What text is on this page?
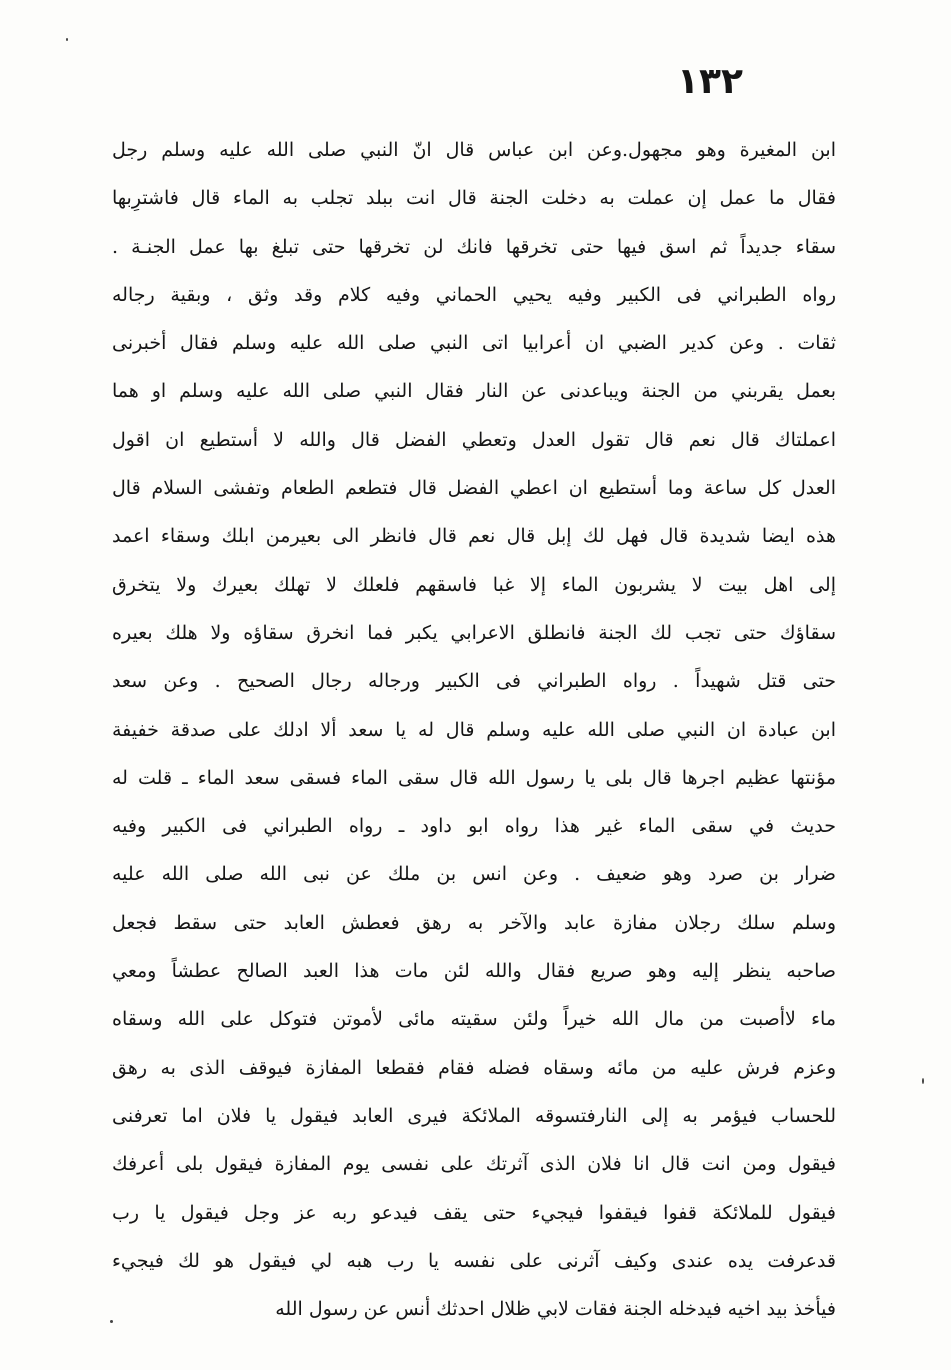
١٣٢
ابن المغيرة وهو مجهول.وعن ابن عباس قال انّ النبي صلى الله عليه وسلم رجل
فقال ما عمل إن عملت به دخلت الجنة قال انت ببلد تجلب به الماء قال فاشترِبها
سقاء جديداً ثم اسق فيها حتى تخرقها فانك لن تخرقها حتى تبلغ بها عمل الجنـة .
رواه الطبراني فى الكبير وفيه يحيي الحماني وفيه كلام وقد وثق ، وبقية رجاله
ثقات . وعن كدير الضبي ان أعرابيا اتى النبي صلى الله عليه وسلم فقال أخبرنى
بعمل يقربني من الجنة ويباعدنى عن النار فقال النبي صلى الله عليه وسلم او هما
اعملتاك قال نعم قال تقول العدل وتعطي الفضل قال والله لا أستطيع ان اقول
العدل كل ساعة وما أستطيع ان اعطي الفضل قال فتطعم الطعام وتفشى السلام قال
هذه ايضا شديدة قال فهل لك إبل قال نعم قال فانظر الى بعيرمن ابلك وسقاء اعمد
إلى اهل بيت لا يشربون الماء إلا غبا فاسقهم فلعلك لا تهلك بعيرك ولا يتخرق
سقاؤك حتى تجب لك الجنة فانطلق الاعرابي يكبر فما انخرق سقاؤه ولا هلك بعيره
حتى قتل شهيداً . رواه الطبراني فى الكبير ورجاله رجال الصحيح . وعن سعد
ابن عبادة ان النبي صلى الله عليه وسلم قال له يا سعد ألا ادلك على صدقة خفيفة
مؤنتها عظيم اجرها قال بلى يا رسول الله قال سقى الماء فسقى سعد الماء ـ قلت له
حديث في سقى الماء غير هذا رواه ابو داود ـ رواه الطبراني فى الكبير وفيه
ضرار بن صرد وهو ضعيف . وعن انس بن ملك عن نبى الله صلى الله عليه
وسلم سلك رجلان مفازة عابد والآخر به رهق فعطش العابد حتى سقط فجعل
صاحبه ينظر إليه وهو صريع فقال والله لئن مات هذا العبد الصالح عطشاً ومعي
ماء لاأصبت من مال الله خيراً ولئن سقيته مائى لأموتن فتوكل على الله وسقاه
وعزم فرش عليه من مائه وسقاه فضله فقام فقطعا المفازة فيوقف الذى به رهق
للحساب فيؤمر به إلى النارفتسوقه الملائكة فيرى العابد فيقول يا فلان اما تعرفنى
فيقول ومن انت قال انا فلان الذى آثرتك على نفسى يوم المفازة فيقول بلى أعرفك
فيقول للملائكة قفوا فيقفوا فيجيء حتى يقف فيدعو ربه عز وجل فيقول يا رب
قدعرفت يده عندى وكيف آثرنى على نفسه يا رب هبه لي فيقول هو لك فيجيء
فيأخذ بيد اخيه فيدخله الجنة فقات لابي ظلال احدثك أنس عن رسول الله
